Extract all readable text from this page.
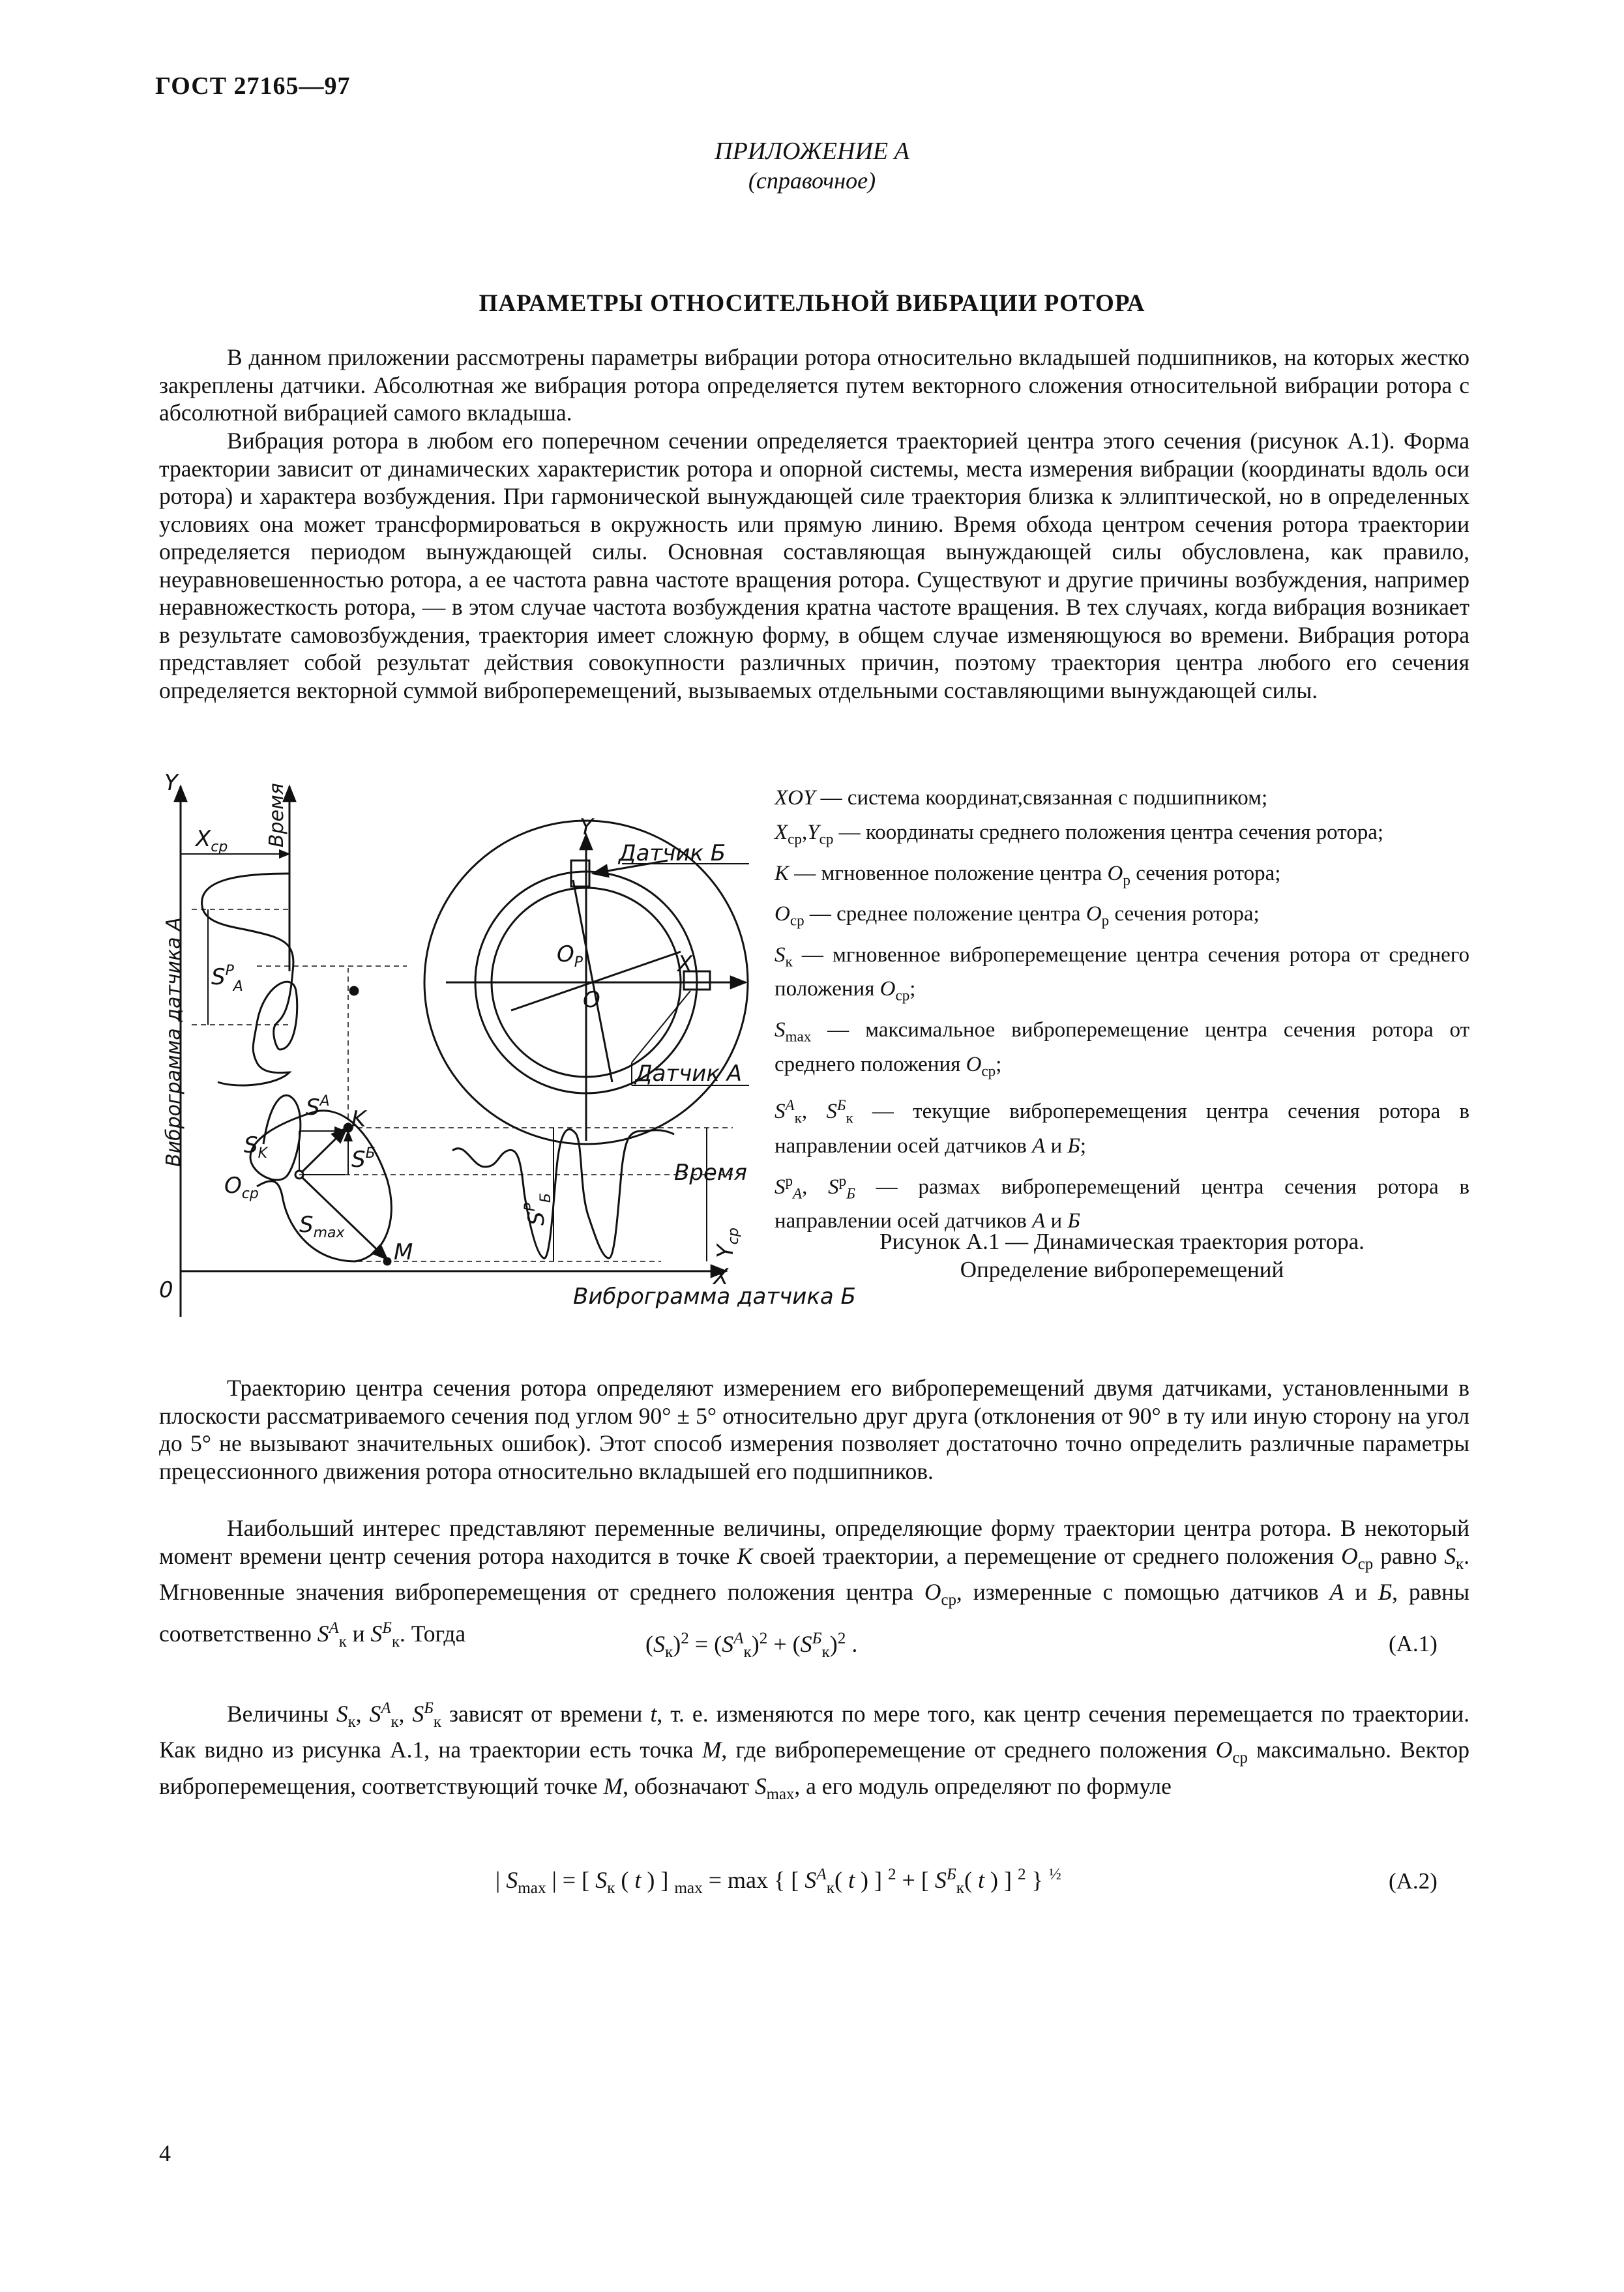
ГОСТ 27165—97
ПРИЛОЖЕНИЕ А
(справочное)
ПАРАМЕТРЫ ОТНОСИТЕЛЬНОЙ ВИБРАЦИИ РОТОРА

В данном приложении рассмотрены параметры вибрации ротора относительно вкладышей подшипников, на которых жестко закреплены датчики. Абсолютная же вибрация ротора определяется путем векторного сложения относительной вибрации ротора с абсолютной вибрацией самого вкладыша.

Вибрация ротора в любом его поперечном сечении определяется траекторией центра этого сечения (рисунок А.1). Форма траектории зависит от динамических характеристик ротора и опорной системы, места измерения вибрации (координаты вдоль оси ротора) и характера возбуждения. При гармонической вынуждающей силе траектория близка к эллиптической, но в определенных условиях она может трансформироваться в окружность или прямую линию. Время обхода центром сечения ротора траектории определяется периодом вынуждающей силы. Основная составляющая вынуждающей силы обусловлена, как правило, неуравновешенностью ротора, а ее частота равна частоте вращения ротора. Существуют и другие причины возбуждения, например неравножесткость ротора, — в этом случае частота возбуждения кратна частоте вращения. В тех случаях, когда вибрация возникает в результате самовозбуждения, траектория имеет сложную форму, в общем случае изменяющуюся во времени. Вибрация ротора представляет собой результат действия совокупности различных причин, поэтому траектория центра любого его сечения определяется векторной суммой виброперемещений, вызываемых отдельными составляющими вынуждающей силы.

Y
0
$X_{ср}$
X
Время
Y
X
O
$O_P$
Датчик Б
Датчик А
K
M
$O_{ср}$
$S_K$
$S^A$
$S^Б$
$S_{max}$
$S^P_A$
Виброграмма датчика Б
Виброграмма датчика А
Время
$S^P_Б$
$Y_{ср}$

XOY — система координат,связанная с подшипником;

$X_{ср},Y_{ср}$ — координаты среднего положения центра сечения ротора;

K — мгновенное положение центра $O_р$ сечения ротора;

$O_{ср}$ — среднее положение центра $O_р$ сечения ротора;

$S_к$ — мгновенное виброперемещение центра сечения ротора от среднего положения $O_{ср}$;

$S_{max}$ — максимальное виброперемещение центра сечения ротора от среднего положения $O_{ср}$;

$S^А_к$, $S^Б_к$ — текущие виброперемещения центра сечения ротора в направлении осей датчиков А и Б;

$S^р_А$, $S^р_Б$ — размах виброперемещений центра сечения ротора в направлении осей датчиков А и Б

Рисунок А.1 — Динамическая траектория ротора.
Определение виброперемещений

Траекторию центра сечения ротора определяют измерением его виброперемещений двумя датчиками, установленными в плоскости рассматриваемого сечения под углом 90° ± 5° относительно друг друга (отклонения от 90° в ту или иную сторону на угол до 5° не вызывают значительных ошибок). Этот способ измерения позволяет достаточно точно определить различные параметры прецессионного движения ротора относительно вкладышей его подшипников.

Наибольший интерес представляют переменные величины, определяющие форму траектории центра ротора. В некоторый момент времени центр сечения ротора находится в точке K своей траектории, а перемещение от среднего положения $O_{ср}$ равно $S_к$. Мгновенные значения виброперемещения от среднего положения центра $O_{ср}$, измеренные с помощью датчиков А и Б, равны соответственно $S^А_к$ и $S^Б_к$. Тогда	$(S_к)^2 = (S^А_к)^2 + (S^Б_к)^2$ .	(А.1)

Величины $S_к$, $S^А_к$, $S^Б_к$ зависят от времени t, т. е. изменяются по мере того, как центр сечения перемещается по траектории. Как видно из рисунка А.1, на траектории есть точка M, где виброперемещение от среднего положения $O_{ср}$ максимально. Вектор виброперемещения, соответствующий точке M, обозначают $S_{max}$, а его модуль определяют по формуле

| $S_{max}$ | = [ $S_к$ ( t ) ] $_{max}$ = max { [ $S^А_к$( t ) ] $^2$ + [ $S^Б_к$( t ) ] $^2$ } $^{\frac{1}{2}}$	(А.2)
4
